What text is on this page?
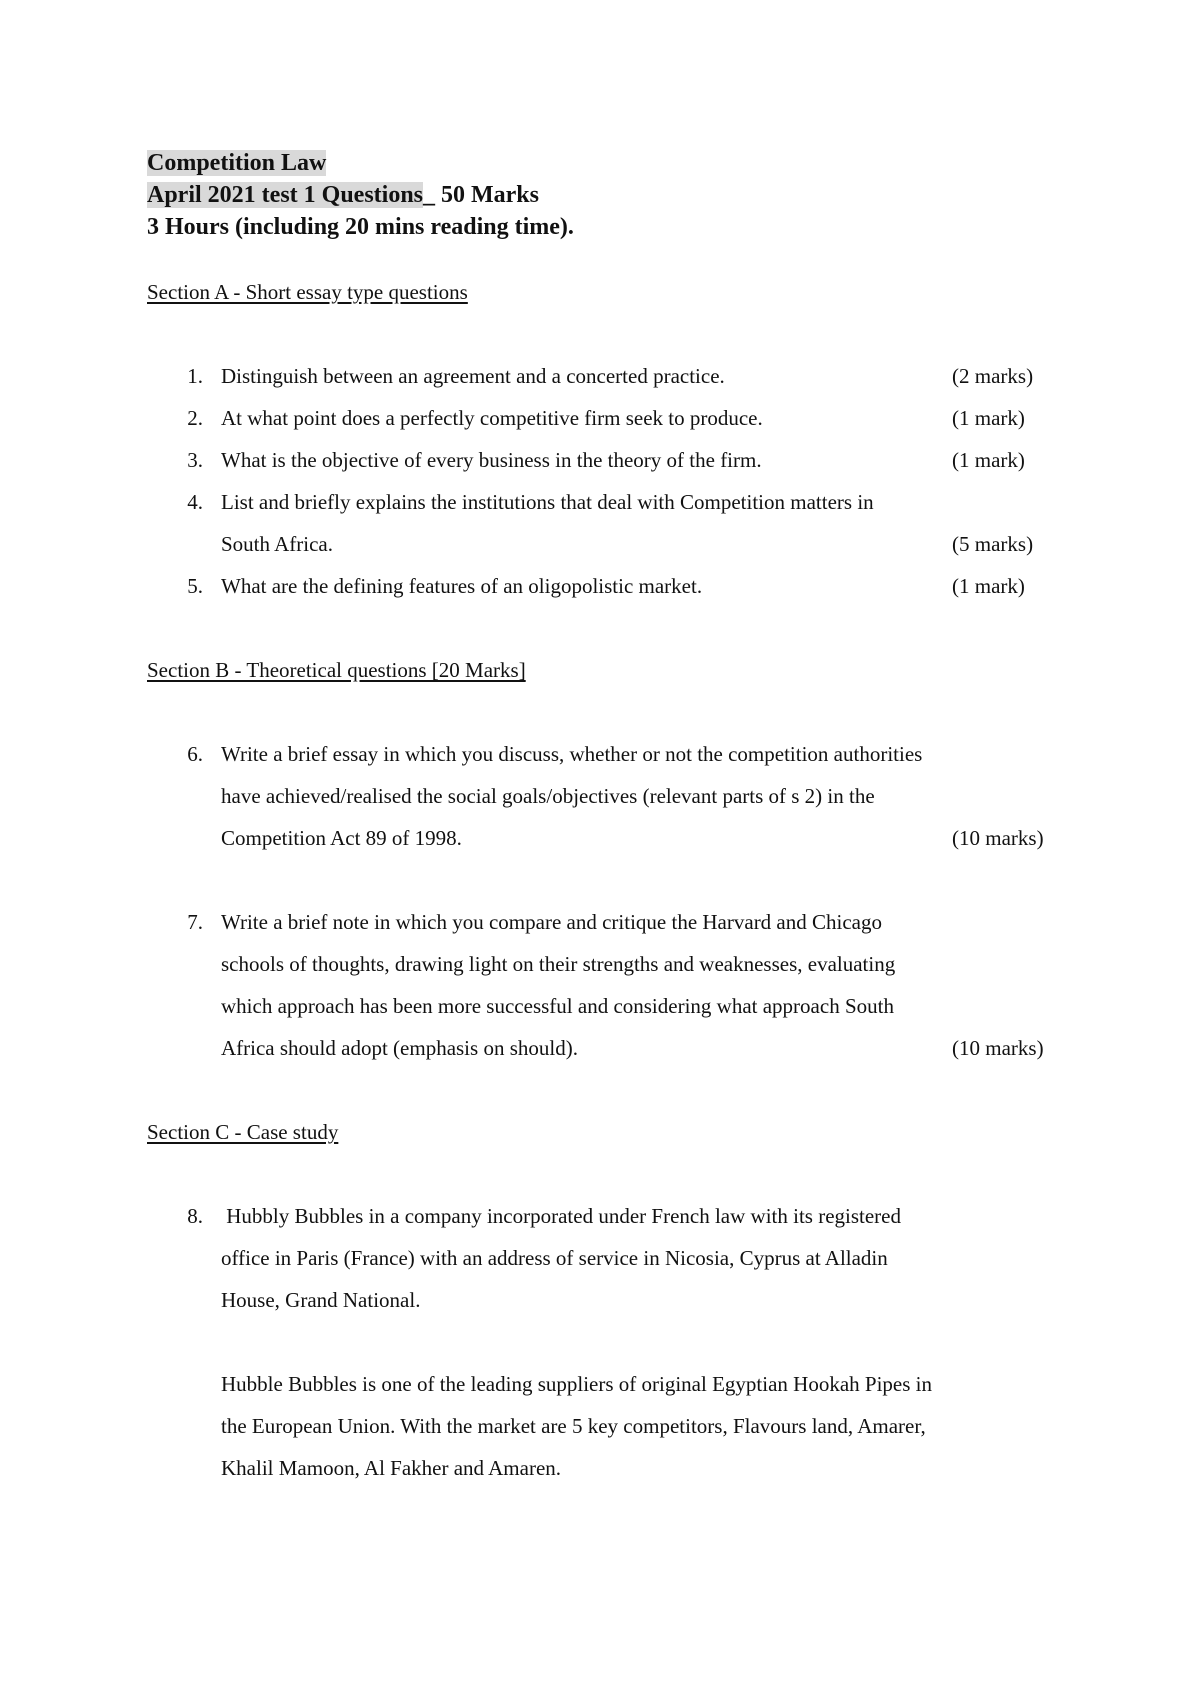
Competition Law
April 2021 test 1 Questions_ 50 Marks
3 Hours (including 20 mins reading time).
Section A - Short essay type questions
1. Distinguish between an agreement and a concerted practice.	(2 marks)
2. At what point does a perfectly competitive firm seek to produce.	(1 mark)
3. What is the objective of every business in the theory of the firm.	(1 mark)
4. List and briefly explains the institutions that deal with Competition matters in
South Africa.	(5 marks)
5. What are the defining features of an oligopolistic market.	(1 mark)
Section B - Theoretical questions [20 Marks]
6. Write a brief essay in which you discuss, whether or not the competition authorities
have achieved/realised the social goals/objectives (relevant parts of s 2) in the
Competition Act 89 of 1998.	(10 marks)
7. Write a brief note in which you compare and critique the Harvard and Chicago
schools of thoughts, drawing light on their strengths and weaknesses, evaluating
which approach has been more successful and considering what approach South
Africa should adopt (emphasis on should).	(10 marks)
Section C - Case study
8. Hubbly Bubbles in a company incorporated under French law with its registered
office in Paris (France) with an address of service in Nicosia, Cyprus at Alladin
House, Grand National.
Hubble Bubbles is one of the leading suppliers of original Egyptian Hookah Pipes in
the European Union. With the market are 5 key competitors, Flavours land, Amarer,
Khalil Mamoon, Al Fakher and Amaren.
